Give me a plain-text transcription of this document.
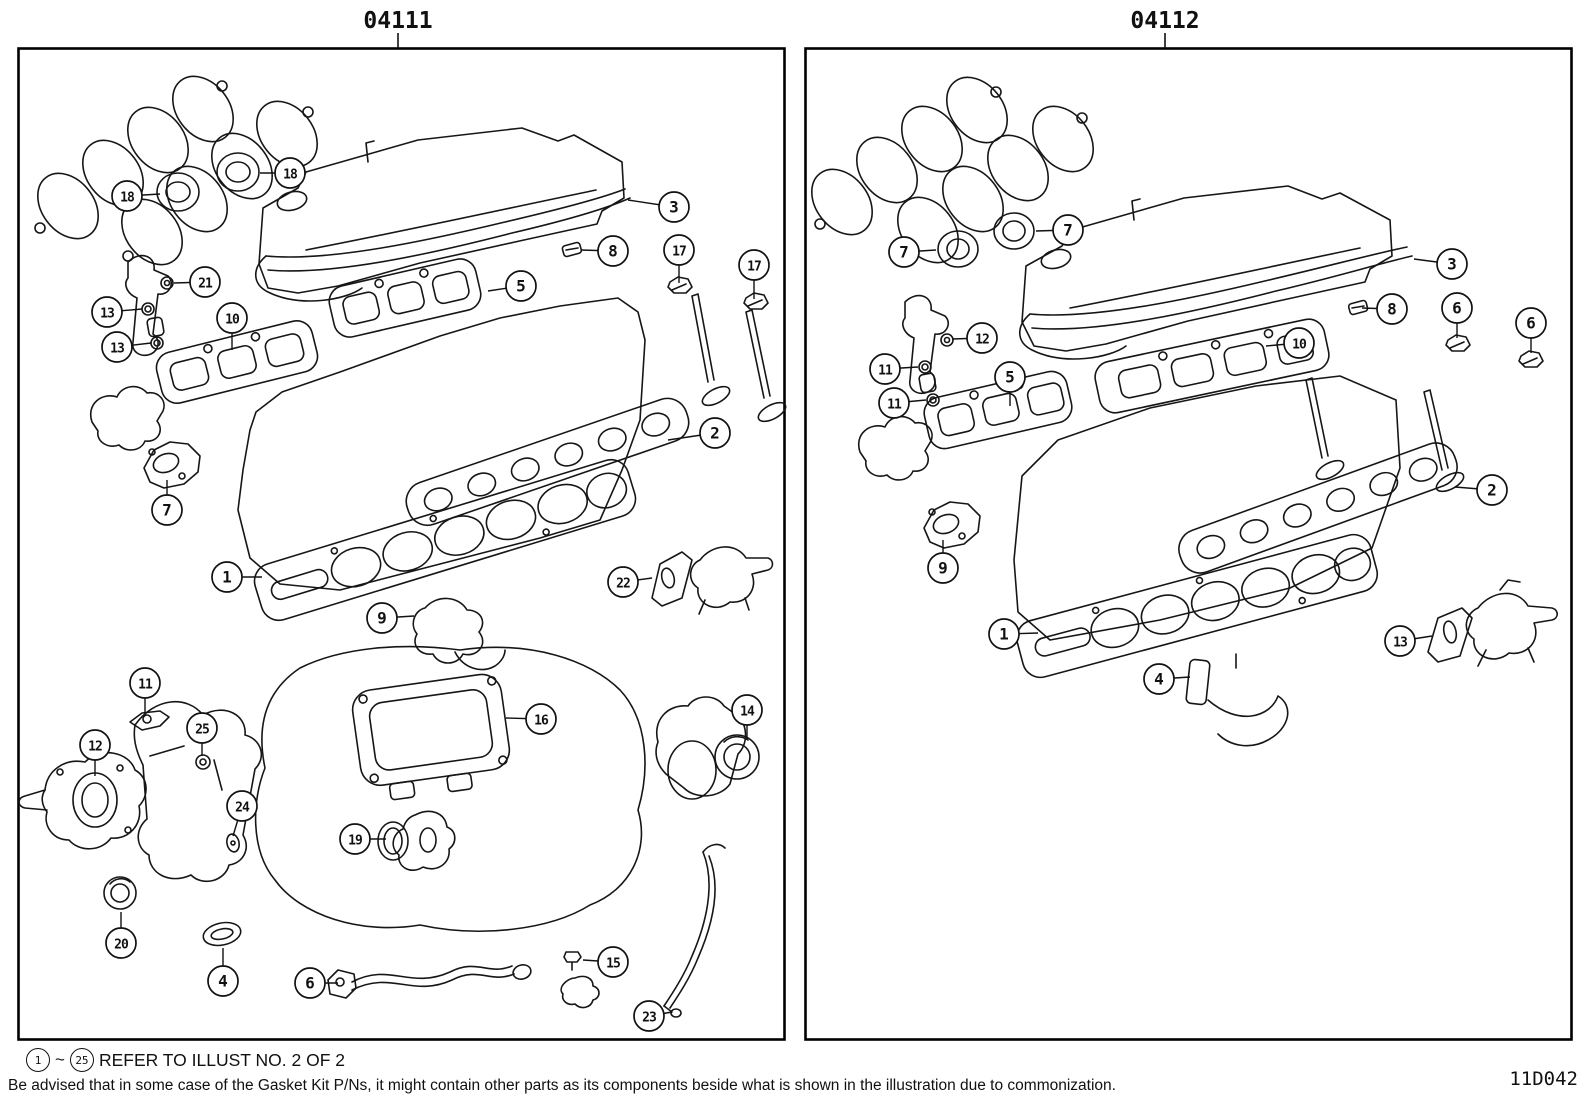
04111	04112
18
18	3
8	17
17
21
13
13
10
5
2
7
1
9
22
11
25
12
24
16
14
19
20
4	6
15
23
7
7
3
8	6
6
12
11
11
10
5
2
9
1	13
4
1 ~ 25 REFER TO ILLUST NO. 2 OF 2
Be advised that in some case of the Gasket Kit P/Ns, it might contain other parts as its components beside what is shown in the illustration due to commonization.	11D042
